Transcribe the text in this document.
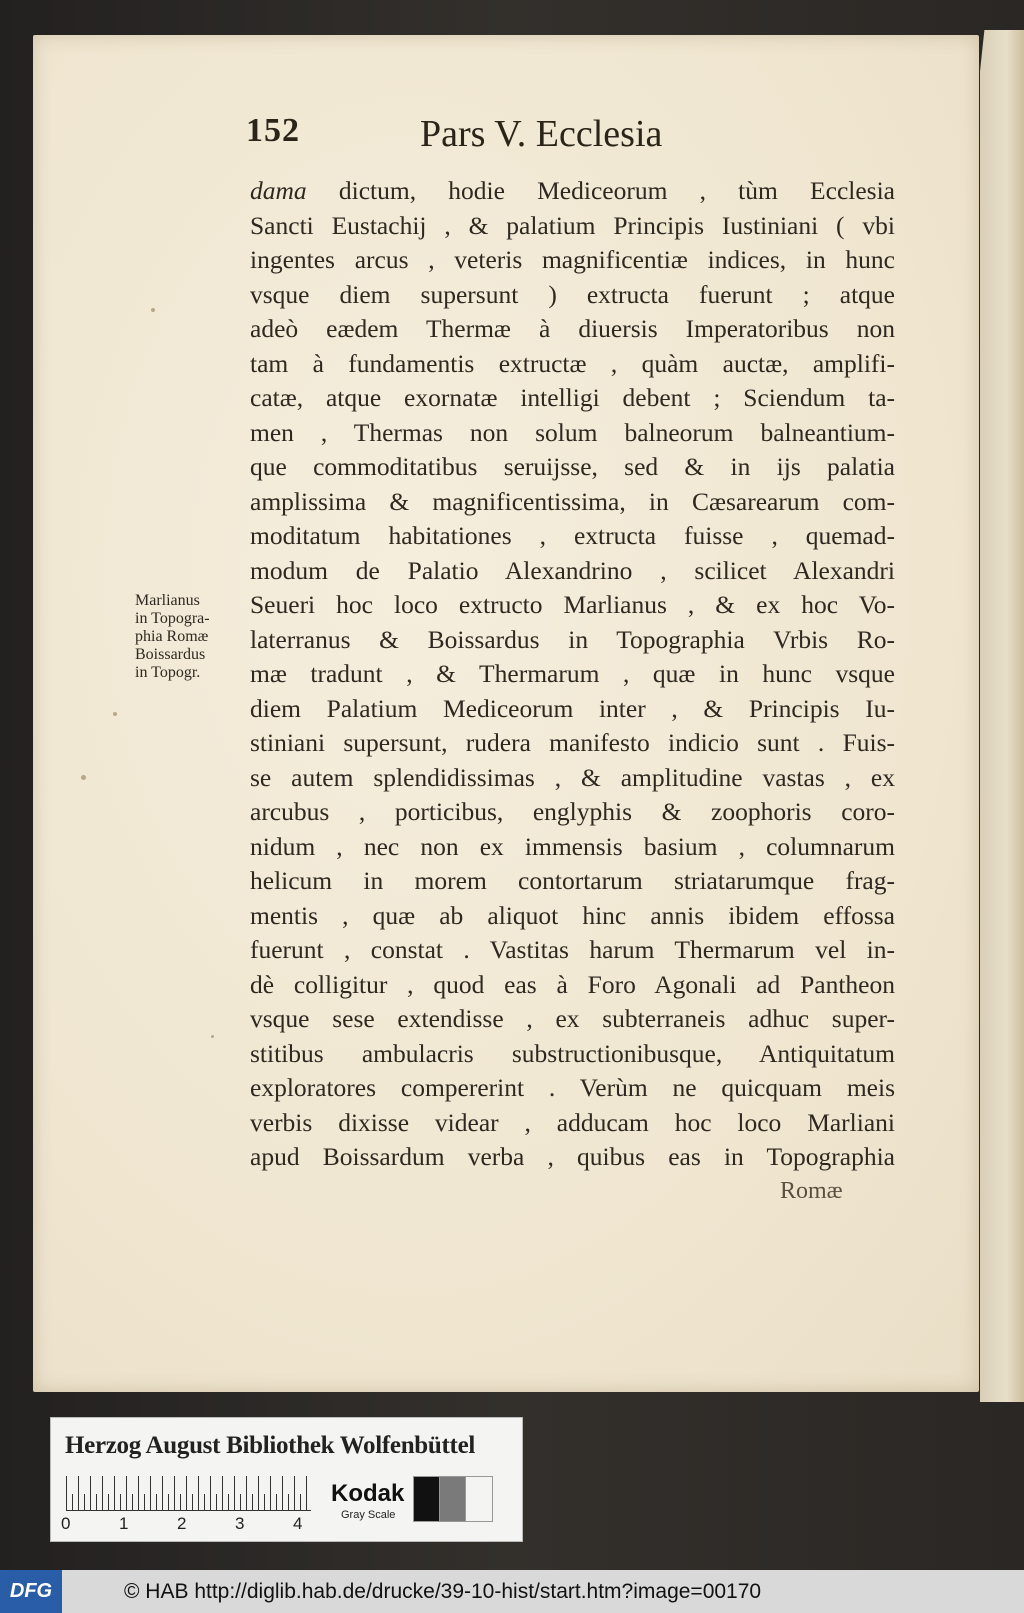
152	Pars V. Ecclesia
dama dictum, hodie Mediceorum , tùm Ecclesia
Sancti Eustachij , & palatium Principis Iustiniani ( vbi
ingentes arcus , veteris magnificentiæ indices, in hunc
vsque diem supersunt ) extructa fuerunt ; atque
adeò eædem Thermæ à diuersis Imperatoribus non
tam à fundamentis extructæ , quàm auctæ, amplifi-
catæ, atque exornatæ intelligi debent ; Sciendum ta-
men , Thermas non solum balneorum balneantium-
que commoditatibus seruijsse, sed & in ijs palatia
amplissima & magnificentissima, in Cæsarearum com-
moditatum habitationes , extructa fuisse , quemad-
modum de Palatio Alexandrino , scilicet Alexandri
Seueri hoc loco extructo Marlianus , & ex hoc Vo-
laterranus & Boissardus in Topographia Vrbis Ro-
mæ tradunt , & Thermarum , quæ in hunc vsque
diem Palatium Mediceorum inter , & Principis Iu-
stiniani supersunt, rudera manifesto indicio sunt . Fuis-
se autem splendidissimas , & amplitudine vastas , ex
arcubus , porticibus, englyphis & zoophoris coro-
nidum , nec non ex immensis basium , columnarum
helicum in morem contortarum striatarumque frag-
mentis , quæ ab aliquot hinc annis ibidem effossa
fuerunt , constat . Vastitas harum Thermarum vel in-
dè colligitur , quod eas à Foro Agonali ad Pantheon
vsque sese extendisse , ex subterraneis adhuc super-
stitibus ambulacris substructionibusque, Antiquitatum
exploratores compererint . Verùm ne quicquam meis
verbis dixisse videar , adducam hoc loco Marliani
apud Boissardum verba , quibus eas in Topographia
Marlianus
in Topogra-
phia Romæ
Boissardus
in Topogr.
Romæ
Herzog August Bibliothek Wolfenbüttel
0	1	2	3	4
Kodak
Gray Scale
DFG	© HAB http://diglib.hab.de/drucke/39-10-hist/start.htm?image=00170
